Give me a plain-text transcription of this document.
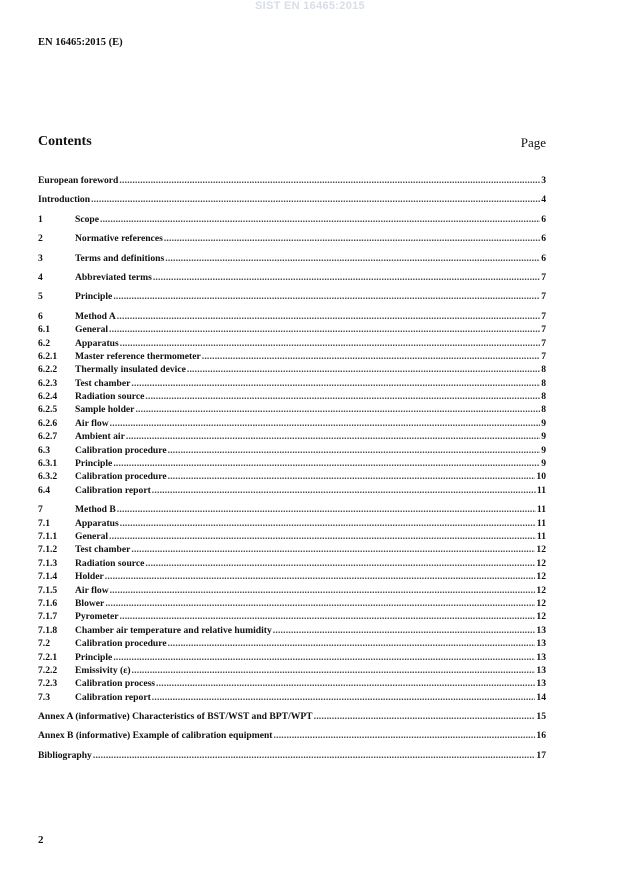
SIST EN 16465:2015
EN 16465:2015 (E)
Contents	Page
European foreword .....	3
Introduction .....	4
1	Scope .....	6
2	Normative references .....	6
3	Terms and definitions .....	6
4	Abbreviated terms .....	7
5	Principle .....	7
6	Method A .....	7
6.1	General .....	7
6.2	Apparatus .....	7
6.2.1	Master reference thermometer .....	7
6.2.2	Thermally insulated device .....	8
6.2.3	Test chamber .....	8
6.2.4	Radiation source .....	8
6.2.5	Sample holder .....	8
6.2.6	Air flow .....	9
6.2.7	Ambient air .....	9
6.3	Calibration procedure .....	9
6.3.1	Principle .....	9
6.3.2	Calibration procedure .....	10
6.4	Calibration report .....	11
7	Method B .....	11
7.1	Apparatus .....	11
7.1.1	General .....	11
7.1.2	Test chamber .....	12
7.1.3	Radiation source .....	12
7.1.4	Holder .....	12
7.1.5	Air flow .....	12
7.1.6	Blower .....	12
7.1.7	Pyrometer .....	12
7.1.8	Chamber air temperature and relative humidity .....	13
7.2	Calibration procedure .....	13
7.2.1	Principle .....	13
7.2.2	Emissivity (ε) .....	13
7.2.3	Calibration process .....	13
7.3	Calibration report .....	14
Annex A (informative) Characteristics of BST/WST and BPT/WPT .....	15
Annex B (informative) Example of calibration equipment .....	16
Bibliography .....	17
2
